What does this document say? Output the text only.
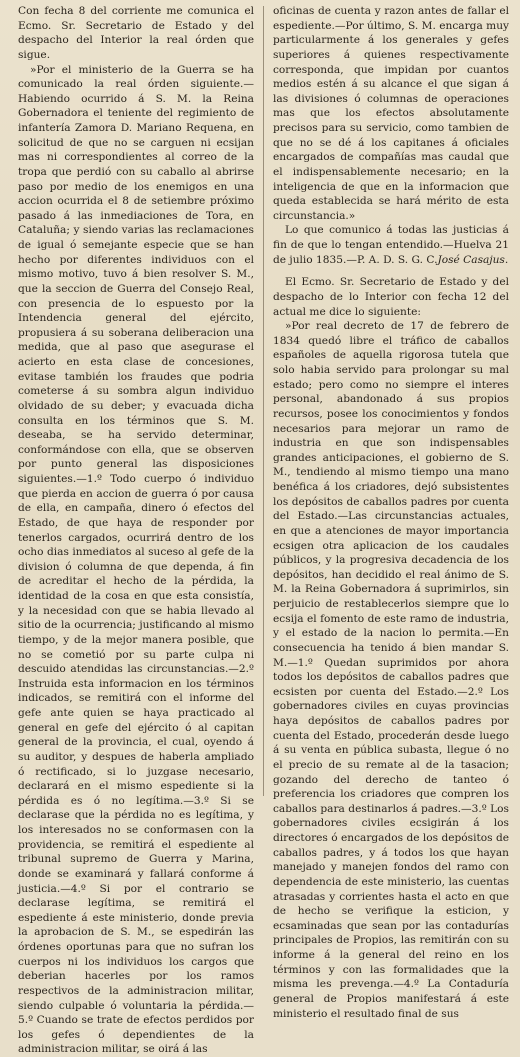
Con fecha 8 del corriente me comunica el Ecmo. Sr. Secretario de Estado y del despacho del Interior la real órden que sigue.

»Por el ministerio de la Guerra se ha comunicado la real órden siguiente.—Habiendo ocurrido á S. M. la Reina Gobernadora el teniente del regimiento de infantería Zamora D. Mariano Requena, en solicitud de que no se carguen ni ecsijan mas ni correspondientes al correo de la tropa que perdió con su caballo al abrirse paso por medio de los enemigos en una accion ocurrida el 8 de setiembre próximo pasado á las inmediaciones de Tora, en Cataluña; y siendo varias las reclamaciones de igual ó semejante especie que se han hecho por diferentes individuos con el mismo motivo, tuvo á bien resolver S. M., que la seccion de Guerra del Consejo Real, con presencia de lo espuesto por la Intendencia general del ejército, propusiera á su soberana deliberacion una medida, que al paso que asegurase el acierto en esta clase de concesiones, evitase también los fraudes que podria cometerse á su sombra algun individuo olvidado de su deber; y evacuada dicha consulta en los términos que S. M. deseaba, se ha servido determinar, conformándose con ella, que se observen por punto general las disposiciones siguientes.—1.º Todo cuerpo ó individuo que pierda en accion de guerra ó por causa de ella, en campaña, dinero ó efectos del Estado, de que haya de responder por tenerlos cargados, ocurrirá dentro de los ocho dias inmediatos al suceso al gefe de la division ó columna de que dependa, á fin de acreditar el hecho de la pérdida, la identidad de la cosa en que esta consistía, y la necesidad con que se habia llevado al sitio de la ocurrencia; justificando al mismo tiempo, y de la mejor manera posible, que no se cometió por su parte culpa ni descuido atendidas las circunstancias.—2.º Instruida esta informacion en los términos indicados, se remitirá con el informe del gefe ante quien se haya practicado al general en gefe del ejército ó al capitan general de la provincia, el cual, oyendo á su auditor, y despues de haberla ampliado ó rectificado, si lo juzgase necesario, declarará en el mismo espediente si la pérdida es ó no legítima.—3.º Si se declarase que la pérdida no es legítima, y los interesados no se conformasen con la providencia, se remitirá el espediente al tribunal supremo de Guerra y Marina, donde se examinará y fallará conforme á justicia.—4.º Si por el contrario se declarase legítima, se remitirá el espediente á este ministerio, donde previa la aprobacion de S. M., se espedirán las órdenes oportunas para que no sufran los cuerpos ni los individuos los cargos que deberian hacerles por los ramos respectivos de la administracion militar, siendo culpable ó voluntaria la pérdida.—5.º Cuando se trate de efectos perdidos por los gefes ó dependientes de la administracion militar, se oirá á las

oficinas de cuenta y razon antes de fallar el espediente.—Por último, S. M. encarga muy particularmente á los generales y gefes superiores á quienes respectivamente corresponda, que impidan por cuantos medios estén á su alcance el que sigan á las divisiones ó columnas de operaciones mas que los efectos absolutamente precisos para su servicio, como tambien de que no se dé á los capitanes á oficiales encargados de compañías mas caudal que el indispensablemente necesario; en la inteligencia de que en la informacion que queda establecida se hará mérito de esta circunstancia.»

Lo que comunico á todas las justicias á fin de que lo tengan entendido.—Huelva 21 de julio 1835.—P. A. D. S. G. C.José Casajus.

El Ecmo. Sr. Secretario de Estado y del despacho de lo Interior con fecha 12 del actual me dice lo siguiente:

»Por real decreto de 17 de febrero de 1834 quedó libre el tráfico de caballos españoles de aquella rigorosa tutela que solo habia servido para prolongar su mal estado; pero como no siempre el interes personal, abandonado á sus propios recursos, posee los conocimientos y fondos necesarios para mejorar un ramo de industria en que son indispensables grandes anticipaciones, el gobierno de S. M., tendiendo al mismo tiempo una mano benéfica á los criadores, dejó subsistentes los depósitos de caballos padres por cuenta del Estado.—Las circunstancias actuales, en que a atenciones de mayor importancia ecsigen otra aplicacion de los caudales públicos, y la progresiva decadencia de los depósitos, han decidido el real ánimo de S. M. la Reina Gobernadora á suprimirlos, sin perjuicio de restablecerlos siempre que lo ecsija el fomento de este ramo de industria, y el estado de la nacion lo permita.—En consecuencia ha tenido á bien mandar S. M.—1.º Quedan suprimidos por ahora todos los depósitos de caballos padres que ecsisten por cuenta del Estado.—2.º Los gobernadores civiles en cuyas provincias haya depósitos de caballos padres por cuenta del Estado, procederán desde luego á su venta en pública subasta, llegue ó no el precio de su remate al de la tasacion; gozando del derecho de tanteo ó preferencia los criadores que compren los caballos para destinarlos á padres.—3.º Los gobernadores civiles ecsigirán á los directores ó encargados de los depósitos de caballos padres, y á todos los que hayan manejado y manejen fondos del ramo con dependencia de este ministerio, las cuentas atrasadas y corrientes hasta el acto en que de hecho se verifique la esticion, y ecsaminadas que sean por las contadurías principales de Propios, las remitirán con su informe á la general del reino en los términos y con las formalidades que la misma les prevenga.—4.º La Contaduría general de Propios manifestará á este ministerio el resultado final de sus
